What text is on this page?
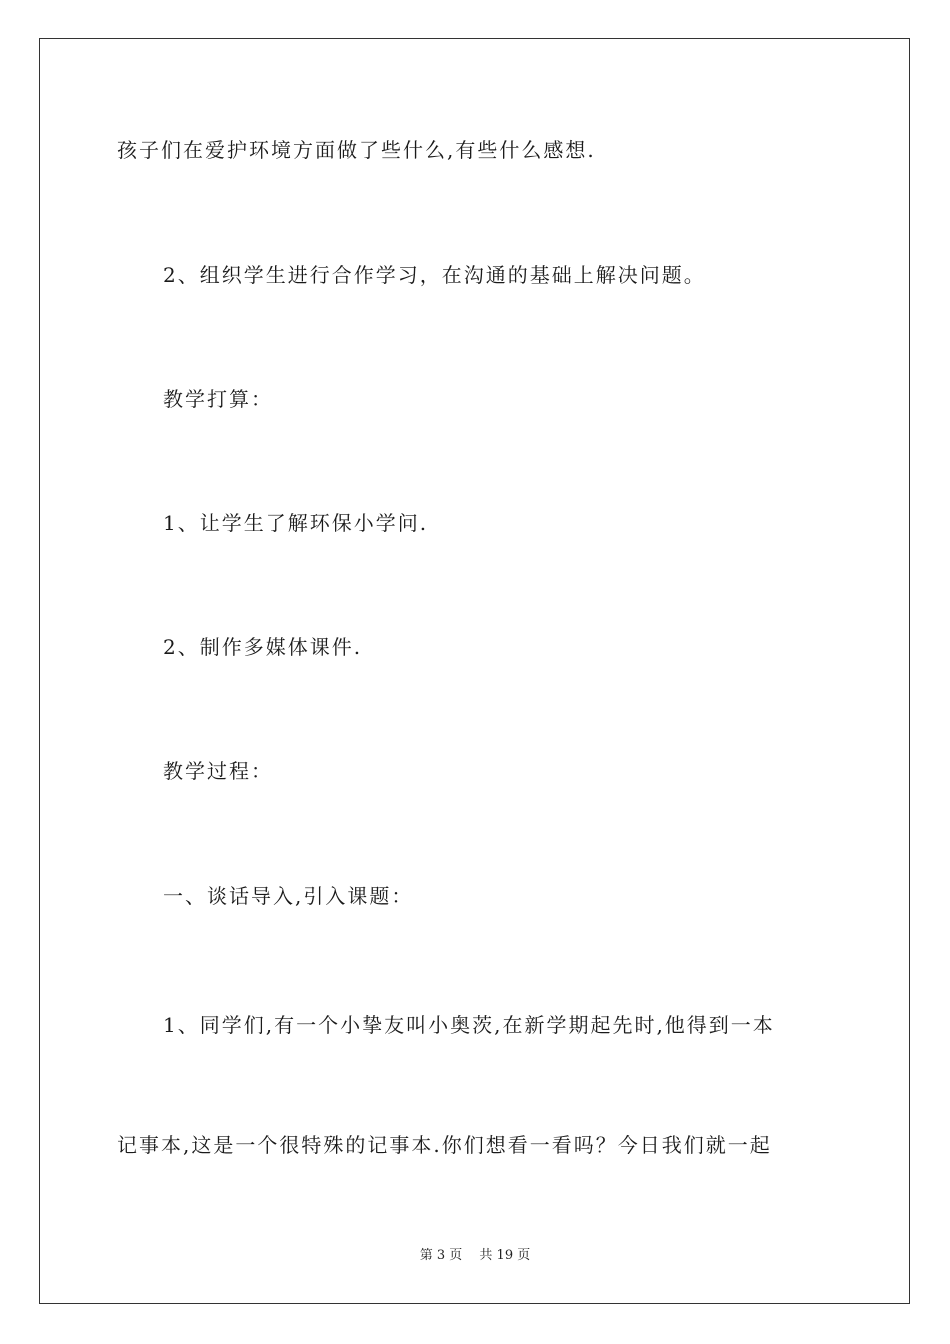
孩子们在爱护环境方面做了些什么,有些什么感想.
2、组织学生进行合作学习，在沟通的基础上解决问题。
教学打算：
1、让学生了解环保小学问.
2、制作多媒体课件.
教学过程：
一、谈话导入,引入课题：
1、同学们,有一个小挚友叫小奥茨,在新学期起先时,他得到一本
记事本,这是一个很特殊的记事本.你们想看一看吗？今日我们就一起
第 3 页　 共 19 页
